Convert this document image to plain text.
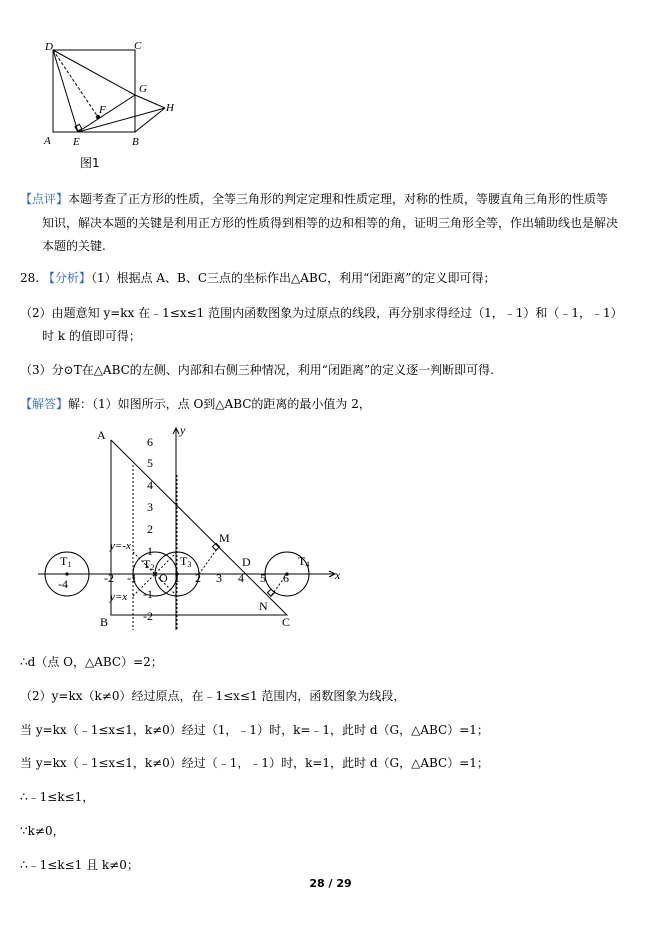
D	C
G
H
F
A E	B
图1
【点评】本题考查了正方形的性质，全等三角形的判定定理和性质定理，对称的性质，等腰直角三角形的性质等
知识，解决本题的关键是利用正方形的性质得到相等的边和相等的角，证明三角形全等，作出辅助线也是解决
本题的关键.
28. 【分析】（1）根据点 A、B、C三点的坐标作出△ABC，利用“闭距离”的定义即可得；
（2）由题意知 y=kx 在﹣1≤x≤1 范围内函数图象为过原点的线段，再分别求得经过（1，﹣1）和（﹣1，﹣1）
时 k 的值即可得；
（3）分⊙T在△ABC的左侧、内部和右侧三种情况，利用“闭距离”的定义逐一判断即可得.
【解答】解：（1）如图所示，点 O到△ABC的距离的最小值为 2，
6
5
4
3
2
1
-1
-2
-4	-2 -1	1 2 3 4 5 6	x
y
O
A
B	C
D
M
N
T1	T2 T3	T4
y=-x
y=x
∴d（点 O，△ABC）=2；
（2）y=kx（k≠0）经过原点，在﹣1≤x≤1 范围内，函数图象为线段，
当 y=kx（﹣1≤x≤1，k≠0）经过（1，﹣1）时，k=﹣1，此时 d（G，△ABC）=1；
当 y=kx（﹣1≤x≤1，k≠0）经过（﹣1，﹣1）时，k=1，此时 d（G，△ABC）=1；
∴﹣1≤k≤1，
∵k≠0，
∴﹣1≤k≤1 且 k≠0；
28 / 29
